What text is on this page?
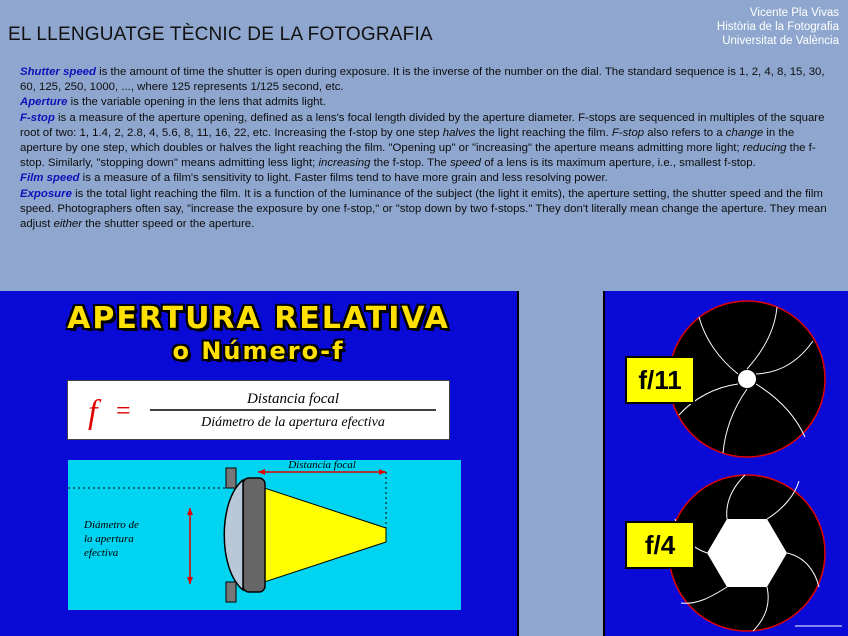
EL LLENGUATGE TÈCNIC DE LA FOTOGRAFIA
Vicente Pla Vivas
Història de la Fotografia
Universitat de València

Shutter speed is the amount of time the shutter is open during exposure. It is the inverse of the number on the dial. The standard sequence is 1, 2, 4, 8, 15, 30, 60, 125, 250, 1000, ..., where 125 represents 1/125 second, etc.

Aperture is the variable opening in the lens that admits light.

F-stop is a measure of the aperture opening, defined as a lens's focal length divided by the aperture diameter. F-stops are sequenced in multiples of the square root of two: 1, 1.4, 2, 2.8, 4, 5.6, 8, 11, 16, 22, etc. Increasing the f-stop by one step halves the light reaching the film. F-stop also refers to a change in the aperture by one step, which doubles or halves the light reaching the film. "Opening up" or "increasing" the aperture means admitting more light; reducing the f-stop. Similarly, "stopping down" means admitting less light; increasing the f-stop. The speed of a lens is its maximum aperture, i.e., smallest f-stop.

Film speed is a measure of a film's sensitivity to light. Faster films tend to have more grain and less resolving power.

Exposure is the total light reaching the film. It is a function of the luminance of the subject (the light it emits), the aperture setting, the shutter speed and the film speed. Photographers often say, "increase the exposure by one f-stop," or "stop down by two f-stops." They don't literally mean change the aperture. They mean adjust either the shutter speed or the aperture.

APERTURA RELATIVA
o Número-f
f =	Distancia focal
Diámetro de la apertura efectiva
Distancia focal
Diámetro de
la apertura
efectiva
f/11
f/4
